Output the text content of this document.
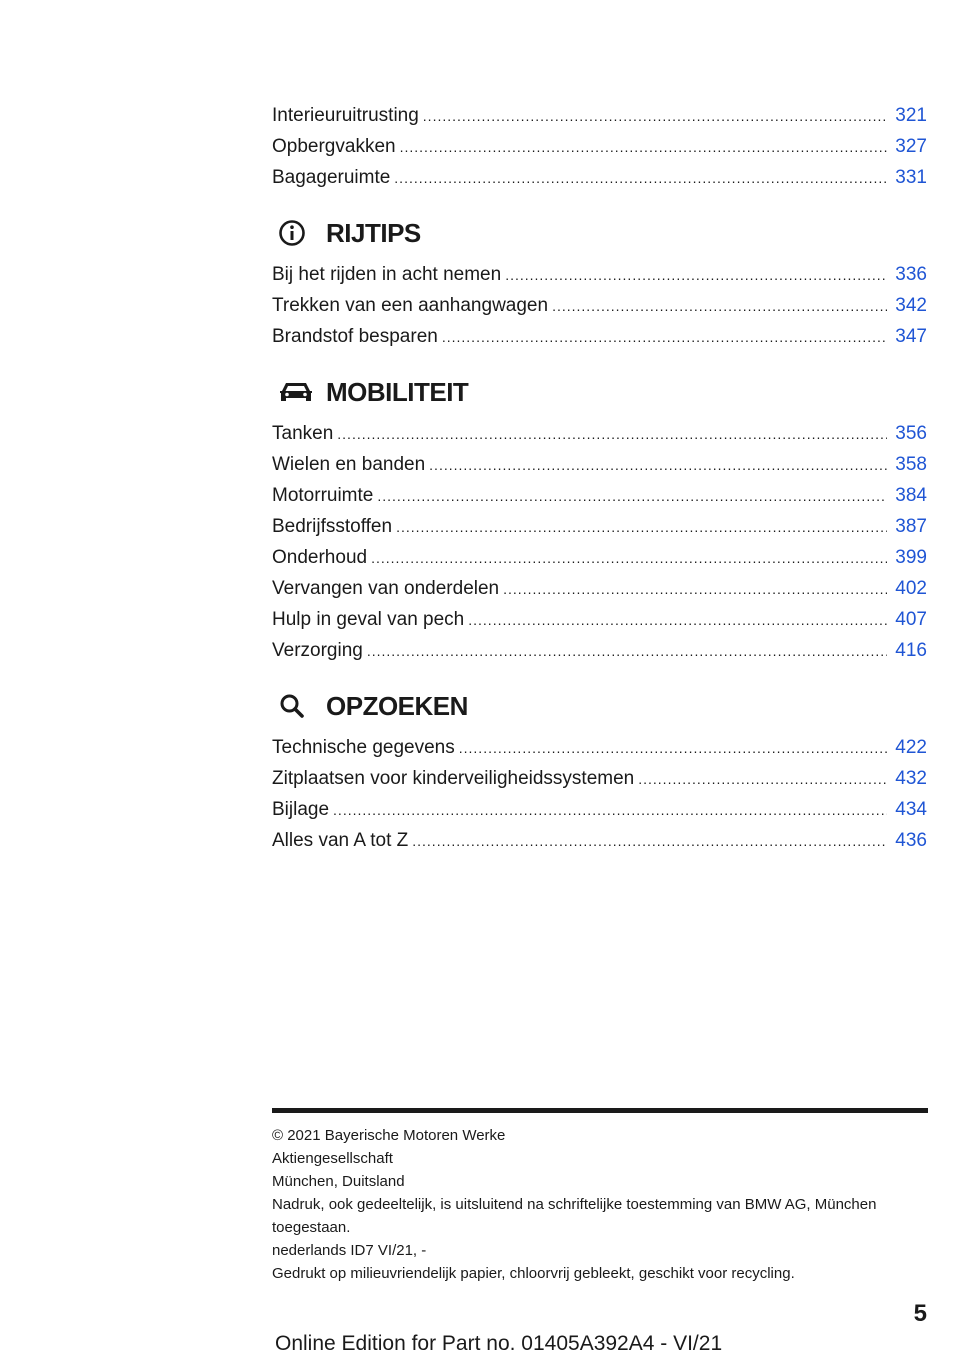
Interieuruitrusting .....	321
Opbergvakken .....	327
Bagageruimte .....	331
RIJTIPS
Bij het rijden in acht nemen .....	336
Trekken van een aanhangwagen .....	342
Brandstof besparen .....	347
MOBILITEIT
Tanken .....	356
Wielen en banden .....	358
Motorruimte .....	384
Bedrijfsstoffen .....	387
Onderhoud .....	399
Vervangen van onderdelen .....	402
Hulp in geval van pech .....	407
Verzorging .....	416
OPZOEKEN
Technische gegevens .....	422
Zitplaatsen voor kinderveiligheidssystemen .....	432
Bijlage .....	434
Alles van A tot Z .....	436
© 2021 Bayerische Motoren Werke
Aktiengesellschaft
München, Duitsland
Nadruk, ook gedeeltelijk, is uitsluitend na schriftelijke toestemming van BMW AG, München toegestaan.
nederlands ID7 VI/21, -
Gedrukt op milieuvriendelijk papier, chloorvrij gebleekt, geschikt voor recycling.
5
Online Edition for Part no. 01405A392A4 - VI/21
